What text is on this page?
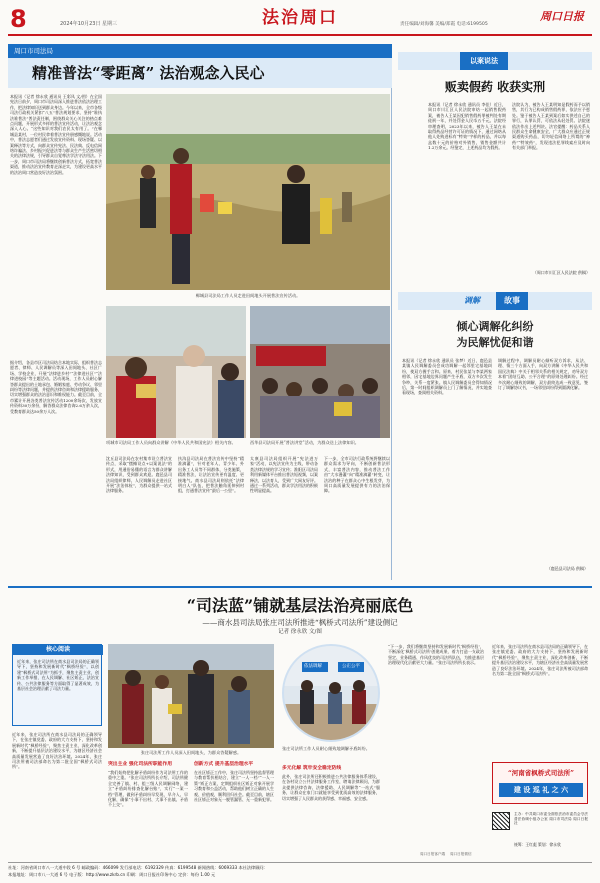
8	2024年10月23日 星期三	法治周口	责任编辑/刘海馨 美编/郑霞 电话:6199505
周口日报
周口市司法局
精准普法“零距离” 法治观念入民心
本报讯（记者 徐永欣 通讯员 王彩凤 文/图）在全国宪法日前夕，周口市司法局深入推进普法依法治理工作，把法律知识送到群众身边。今年以来，全市各级司法行政机关紧扣“八五”普法规划要求，坚持“谁执法谁普法”普法责任制，围绕群众关心关注的热点难点问题，开展形式多样的普法宣传活动，让法治观念深入人心。“这些知识对我们农民太有用了。”在郸城县某村，一位村民拿着普法宣传册感慨地说。活动中，普法志愿者们通过发放宣传资料、现场答疑、以案释法等方式，向群众宣传宪法、民法典、反电信网络诈骗法、乡村振兴促进法等与群众生产生活密切相关的法律法规，引导群众自觉尊法学法守法用法。下一步，周口市司法局将继续创新普法方式，拓宽普法渠道，推动法治宣传教育走深走实，为建设更高水平的法治周口营造良好法治氛围。
郸城县司法局工作人员走进田间地头开展普法宣传活动。
项城市司法局工作人员向群众讲解《中华人民共和国宪法》相关内容。	西华县司法局开展“普法讲堂”活动，为群众送上法律知识。
据介绍，各县市区司法局结合本地实际，组织普法志愿者、律师、人民调解员等深入田间地头、社区广场、学校企业，开展“法律进乡村”“法律进社区”“法律进校园”等主题活动。活动现场，工作人员耐心解答群众提出的土地承包、婚姻家庭、劳动争议、邻里纠纷等法律问题，并提供法律咨询和法律援助服务，切实增强群众的法治意识和维权能力。截至目前，全市累计开展各类普法宣传活动1200余场次，发放宣传资料30万余份，解答群众法律咨询2.6万余人次，受教育群众达50余万人次。
沈丘县司法局在农村集市设立普法宣传点，采取“摆摊设点+以案说法”的形式，用通俗易懂的语言为群众讲解法律知识，受到群众欢迎。鹿邑县司法局组织律师、人民调解员走进社区开展“法治体检”，为群众提供一站式法律服务。
扶沟县司法局在普法宣传中坚持“精准滴灌”，针对老年人、青少年、外出务工人员等不同群体，分类施策，精准普法，让法治宣传更有温度、更接地气。商水县司法局则依托“法律明白人”队伍，把普法触角延伸到村组，打通普法宣传“最后一公里”。
太康县司法局组织开展“宪法进万家”活动，以宪法宣传为主线，带动各类法律法规的学习宣传；淮阳区司法局利用新媒体平台推出普法短视频，以案释法，以法育人，受到广大网友好评。通过一系列活动，群众学法用法的积极性明显提高。
下一步，全市司法行政系统将继续以群众需求为导向，不断创新普法形式，丰富普法内容，推动普法工作由“大水漫灌”向“精准滴灌”转变，让法治的种子在群众心中生根发芽，为周口高质量发展提供有力的法治保障。
以案说法
贩卖假药 收获实刑
本报讯（记者 徐永欣 通讯员 李佳）近日，周口市川汇区人民法院审结一起销售假药案，被告人王某因犯销售假药罪被判处有期徒刑一年，并处罚金人民币五千元。法院经审理查明，2023年以来，被告人王某在未取得药品经营许可证的情况下，通过网络从他人处购进标有“特效”字样的药品，并以每盒数十元的价格对外销售，销售金额共计1.2万余元。经鉴定，上述药品均为假药。
法院认为，被告人王某明知是假药而予以销售，其行为已构成销售假药罪，依法应予惩处。鉴于被告人王某到案后如实供述自己的罪行，认罪认罚，可依法从轻处罚。法院遂依法作出上述判决。法官提醒：药品关系人民群众生命健康安全，广大群众应通过正规渠道购买药品，切勿轻信网络上所谓的“神药”“特效药”，发现违法犯罪线索应及时向有关部门举报。
（周口市川汇区人民法院 供稿）
调解	故事
倾心调解化纠纷
为民解忧促和谐
本报讯（记者 徐永欣 通讯员 张梦）近日，鹿邑县某镇人民调解委员会成功调解一起邻里宅基地纠纷，使双方握手言和。原来，村民张某与李某两家相邻，因宅基地边界问题产生矛盾，双方多次发生争吵，关系一度紧张。镇人民调解委员会得知情况后，第一时间组织调解员上门了解情况，并实地查看现场，查阅相关资料。
调解过程中，调解员耐心倾听双方诉求，从法、理、情三个方面入手，向双方讲解《中华人民共和国民法典》中关于相邻关系的相关规定，劝导双方本着“团结互助、公平合理”的原则处理纠纷。经过多次耐心细致的调解，双方最终达成一致意见，签订了调解协议书，一场邻里纠纷得到圆满化解。
（鹿邑县司法局 供稿）
“司法蓝”铺就基层法治亮丽底色
——商水县司法局张庄司法所推进“枫桥式司法所”建设侧记
记者 徐永欣 文/图
核心阅读
近年来，张庄司法所在商水县司法局的正确领导下，坚持和发展新时代“枫桥经验”，以创建“枫桥式司法所”为抓手，聚焦主责主业，创新工作举措，在人民调解、社区矫正、法治宣传、公共法律服务等方面取得了显著成效，为基层社会治理贡献了司法力量。
近年来，张庄司法所在商水县司法局的正确领导下，在张庄镇党委、政府的大力支持下，坚持和发展新时代“枫桥经验”，聚焦主责主业，深化改革创新，不断提升基层法治建设水平，为辖区经济社会高质量发展营造了良好法治环境。2024年，张庄司法所被司法部命名为第二批全国“枫桥式司法所”。
张庄司法所工作人员深入田间地头，为群众答疑解惑。
依法调解	公正公平
张庄司法所工作人员耐心细致地调解矛盾纠纷。
突出主业 强化司法所职能作用
“我们始终把化解矛盾纠纷作为司法所工作的重中之重。”张庄司法所所长介绍，司法所健全完善了镇、村、组三级人民调解网络，建立“矛盾纠纷排查化解台账”，实行“一案一档”管理，做到矛盾纠纷早发现、早介入、早化解，确保“小事不出村、大事不出镇、矛盾不上交”。
创新方式 提升基层治理水平
在社区矫正工作中，张庄司法所坚持监督管理与教育帮扶相结合，建立“一人一档”“一人一策”矫正方案，定期组织社区矫正对象开展学习教育和公益活动，帮助他们树立正确的人生观、价值观，顺利回归社会。截至目前，辖区社区矫正对象无一脱管漏管、无一重新犯罪。
多元化解 筑牢安全稳定防线
此外，张庄司法所还积极推进公共法律服务体系建设，在各村设立公共法律服务工作室，聘请法律顾问，为群众提供法律咨询、法律援助、人民调解等“一站式”服务，让群众在家门口就能享受到优质高效的法律服务，切实增强了人民群众的获得感、幸福感、安全感。
“下一步，我们将继续坚持和发展新时代‘枫桥经验’，不断深化‘枫桥式司法所’创建成果，着力打造一支政治坚定、业务精通、作风优良的司法所队伍，为推进基层治理现代化贡献更大力量。”张庄司法所所长表示。
近年来，张庄司法所在商水县司法局的正确领导下，在张庄镇党委、政府的大力支持下，坚持和发展新时代“枫桥经验”，聚焦主责主业，深化改革创新，不断提升基层法治建设水平，为辖区经济社会高质量发展营造了良好法治环境。2024年，张庄司法所被司法部命名为第二批全国“枫桥式司法所”。
“河南省枫桥式司法所”
建 设 巡 礼 之 六
主办：中共周口市委全面依法治市委员会守法普法协调小组办公室 周口市司法局 周口日报社
统筹：王红彪 策划：徐永欣
社址：河南省周口市八一大道中段 6 号 邮政编码：466099 发行部电话：6192329 传真：6199548 新闻热线：6069333 本社法律顾问：
本报地址：周口市八一大道 6 号 电子版：http://www.zkrb.cn 印刷：周口日报社印务中心 定价：每份 1.00 元
周口日报客户端 周口日报微信
